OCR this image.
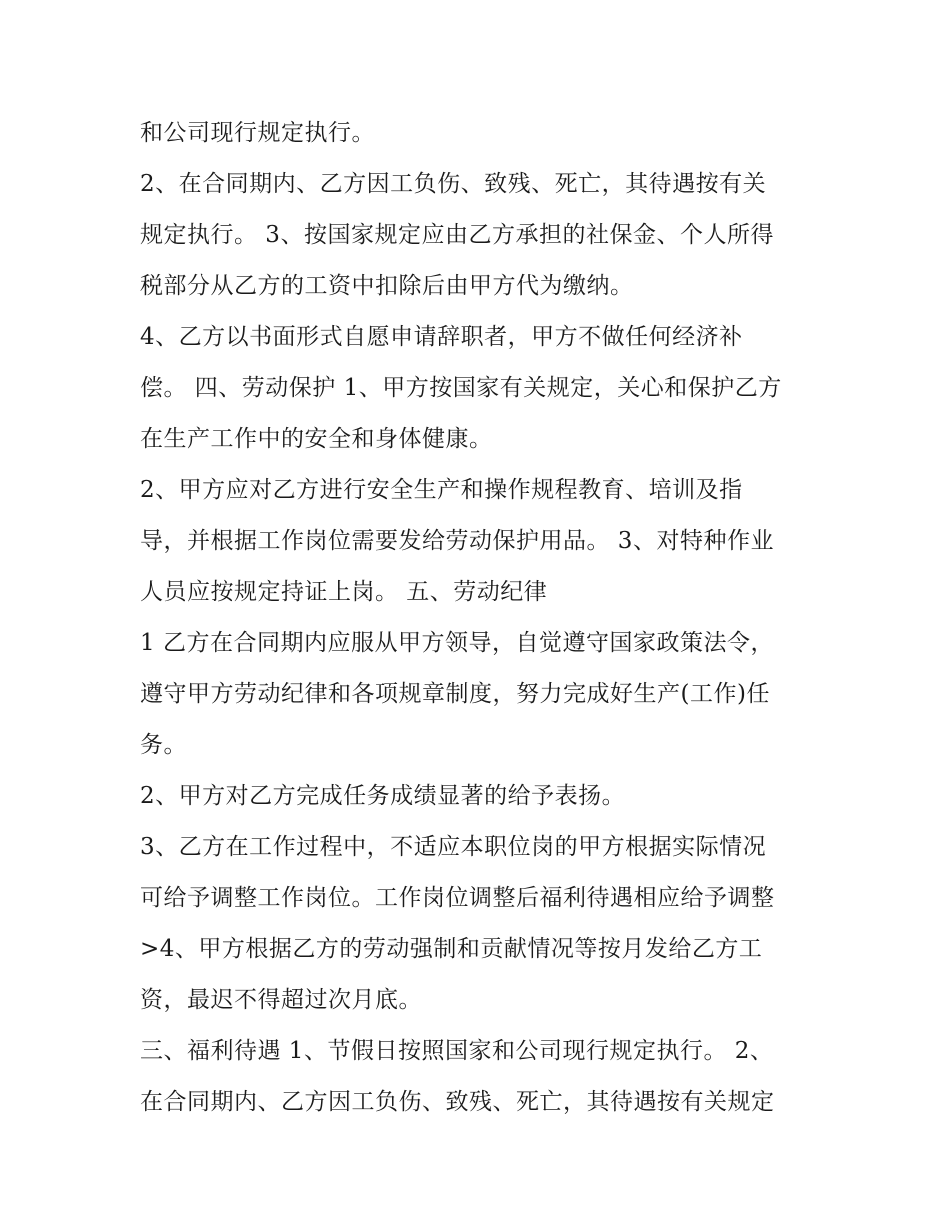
和公司现行规定执行。
2、在合同期内、乙方因工负伤、致残、死亡，其待遇按有关
规定执行。 3、按国家规定应由乙方承担的社保金、个人所得
税部分从乙方的工资中扣除后由甲方代为缴纳。
4、乙方以书面形式自愿申请辞职者，甲方不做任何经济补
偿。 四、劳动保护 1、甲方按国家有关规定，关心和保护乙方
在生产工作中的安全和身体健康。
2、甲方应对乙方进行安全生产和操作规程教育、培训及指
导，并根据工作岗位需要发给劳动保护用品。 3、对特种作业
人员应按规定持证上岗。 五、劳动纪律
1 乙方在合同期内应服从甲方领导，自觉遵守国家政策法令，
遵守甲方劳动纪律和各项规章制度，努力完成好生产(工作)任
务。
2、甲方对乙方完成任务成绩显著的给予表扬。
3、乙方在工作过程中，不适应本职位岗的甲方根据实际情况
可给予调整工作岗位。工作岗位调整后福利待遇相应给予调整
>4、甲方根据乙方的劳动强制和贡献情况等按月发给乙方工
资，最迟不得超过次月底。
三、福利待遇 1、节假日按照国家和公司现行规定执行。 2、
在合同期内、乙方因工负伤、致残、死亡，其待遇按有关规定
